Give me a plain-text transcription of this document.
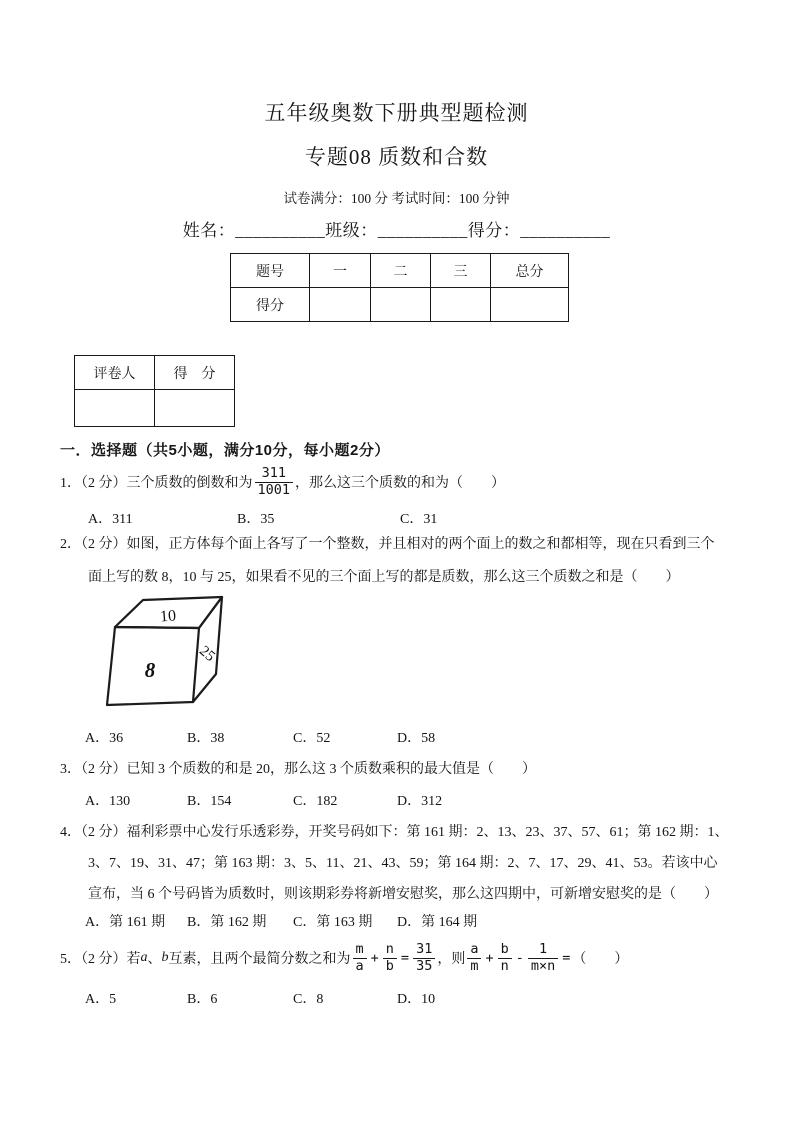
五年级奥数下册典型题检测
专题08 质数和合数
试卷满分：100 分 考试时间：100 分钟
姓名：__________班级：__________得分：__________
题号	一	二	三	总分
得分				
评卷人	得　分

一．选择题（共5小题，满分10分，每小题2分）
1．（2 分）三个质数的倒数和为 $\frac{311}{1001}$ ，那么这三个质数的和为（　　）
A．311	B．35	C．31
2．（2 分）如图，正方体每个面上各写了一个整数，并且相对的两个面上的数之和都相等，现在只看到三个
面上写的数 8，10 与 25，如果看不见的三个面上写的都是质数，那么这三个质数之和是（　　）
10
8
25
A．36	B．38	C．52	D．58
3．（2 分）已知 3 个质数的和是 20，那么这 3 个质数乘积的最大值是（　　）
A．130	B．154	C．182	D．312
4．（2 分）福利彩票中心发行乐透彩券，开奖号码如下：第 161 期：2、13、23、37、57、61；第 162 期：1、
3、7、19、31、47；第 163 期：3、5、11、21、43、59；第 164 期：2、7、17、29、41、53。若该中心
宣布，当 6 个号码皆为质数时，则该期彩券将新增安慰奖，那么这四期中，可新增安慰奖的是（　　）
A．第 161 期 B．第 162 期 C．第 163 期 D．第 164 期
5．（2 分）若 a 、 b 互素，且两个最简分数之和为 $\frac{m}{a} + \frac{n}{b} = \frac{31}{35}$ ，则 $\frac{a}{m} + \frac{b}{n} - \frac{1}{m\times n}$ = （　　）
A．5	B．6	C．8	D．10
